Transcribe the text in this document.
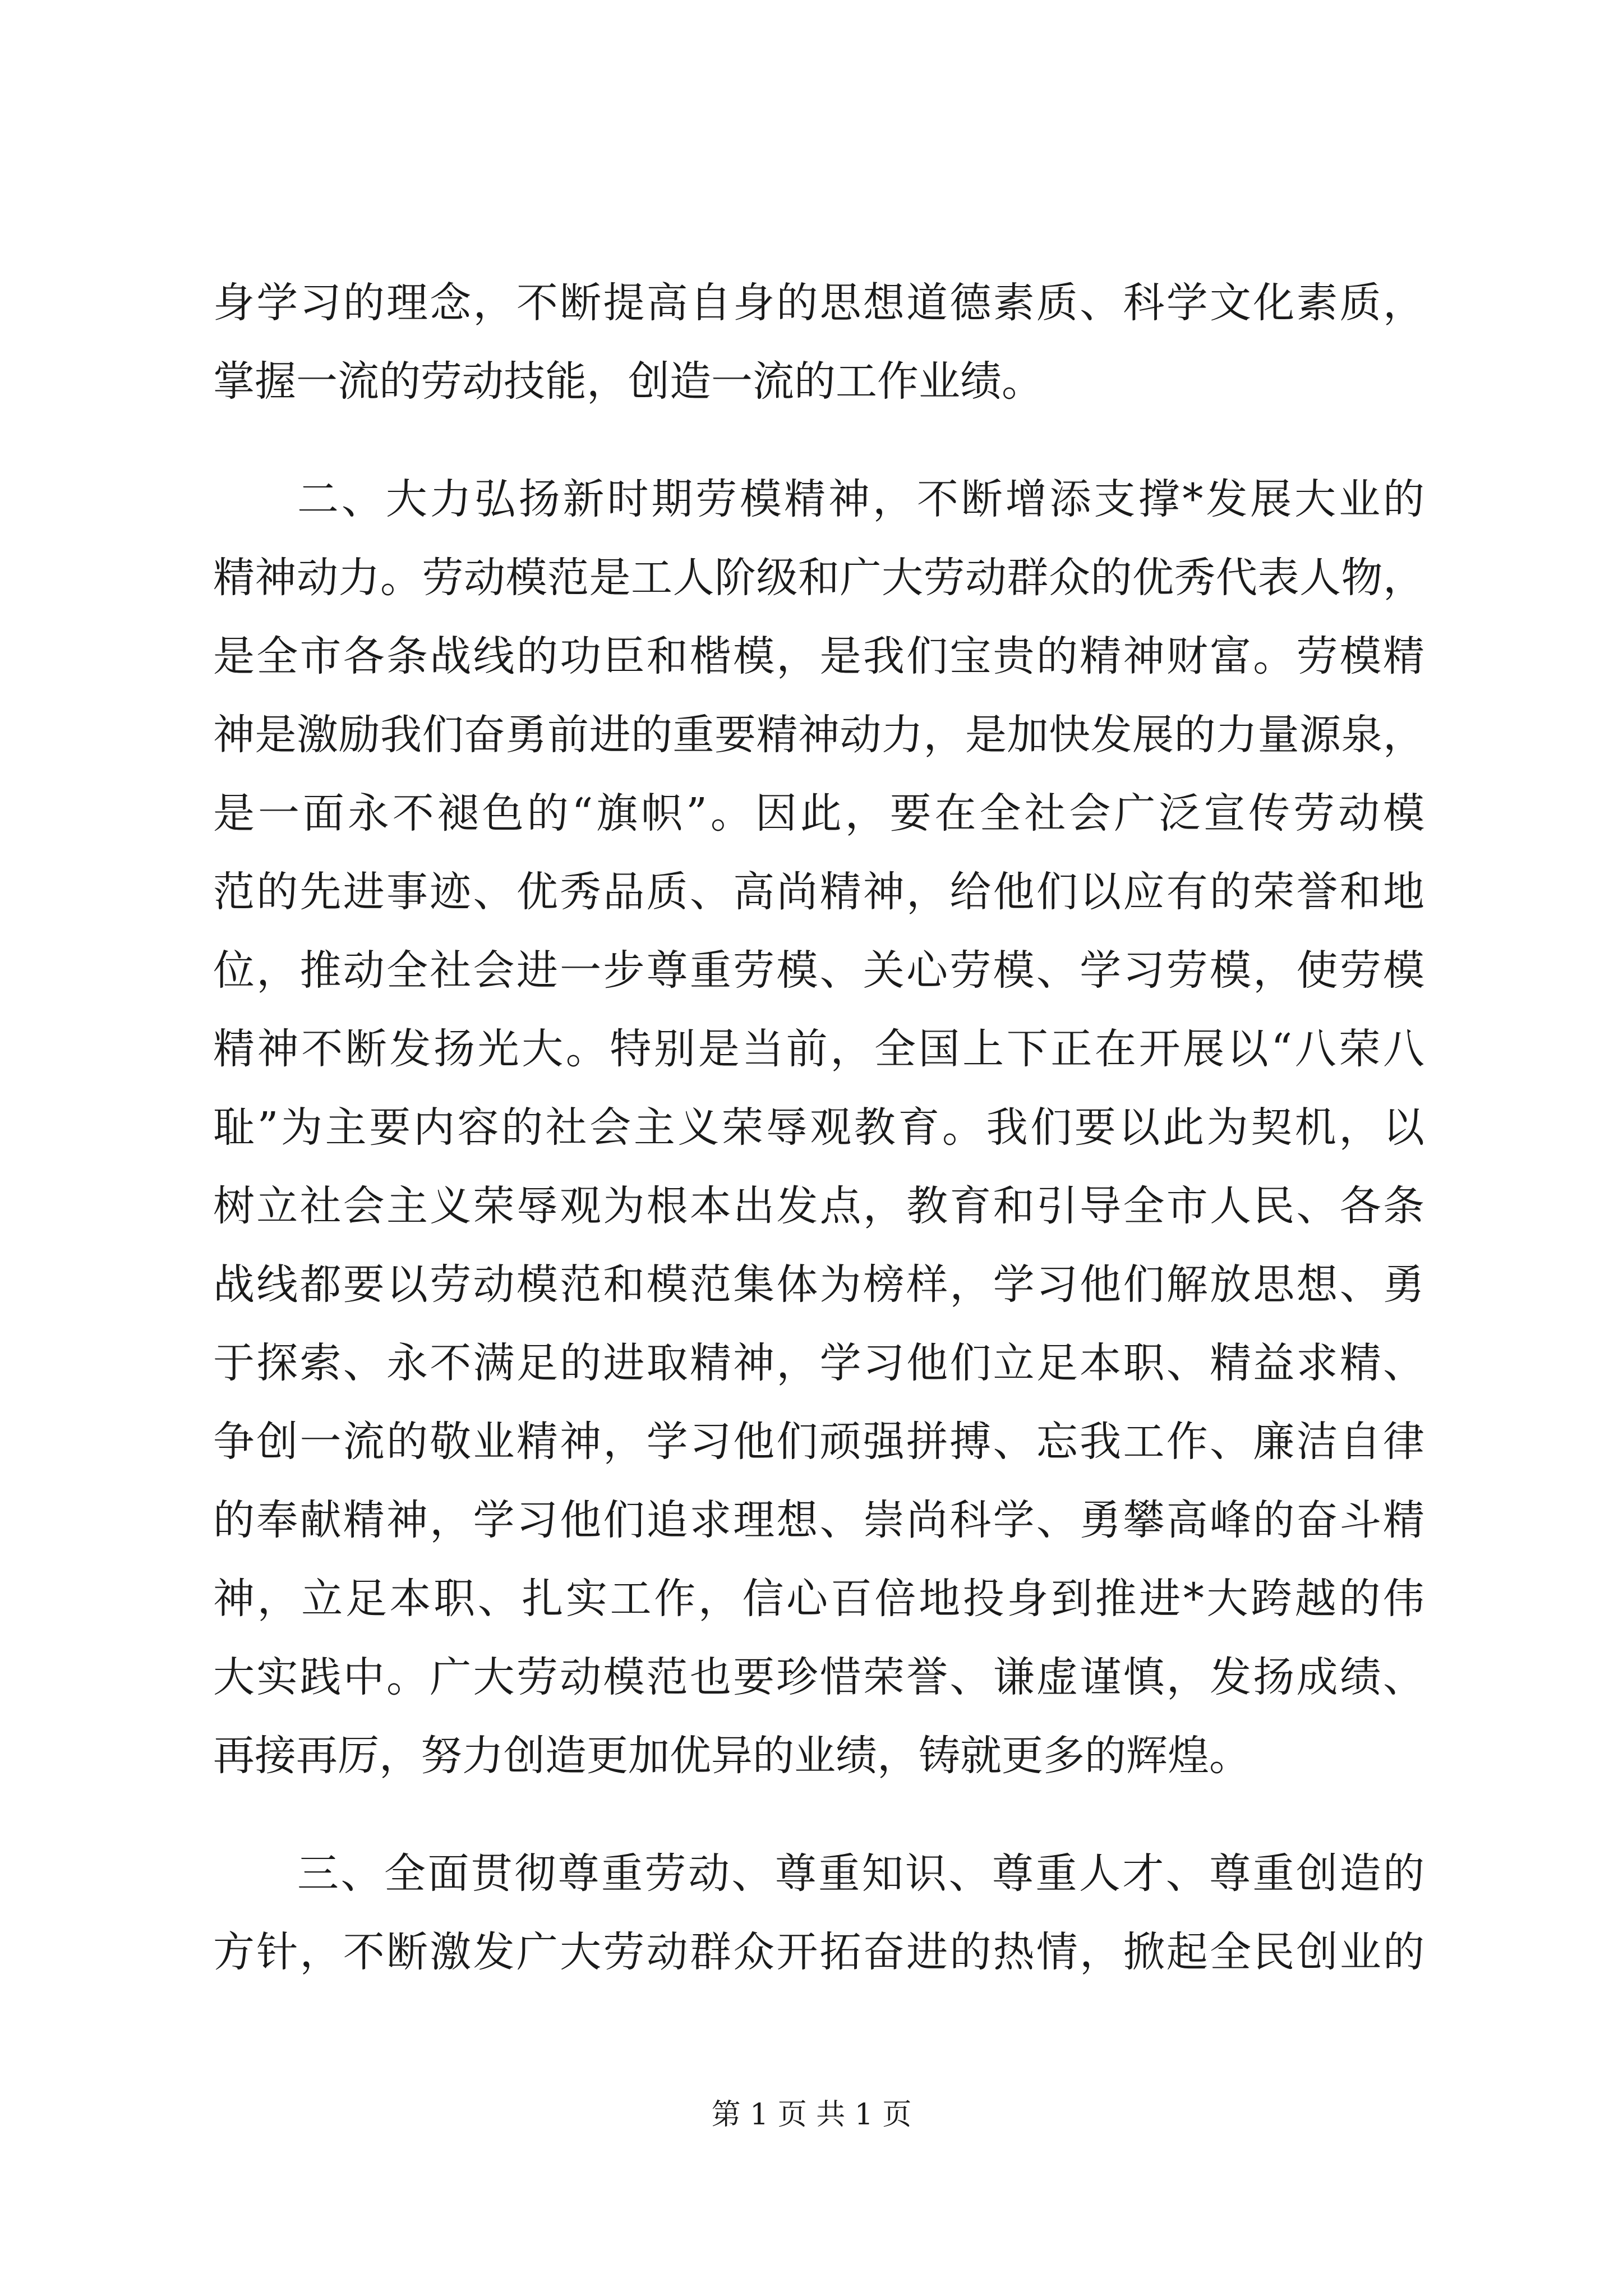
身学习的理念，不断提高自身的思想道德素质、科学文化素质，
掌握一流的劳动技能，创造一流的工作业绩。
二、大力弘扬新时期劳模精神，不断增添支撑*发展大业的
精神动力。劳动模范是工人阶级和广大劳动群众的优秀代表人物，
是全市各条战线的功臣和楷模，是我们宝贵的精神财富。劳模精
神是激励我们奋勇前进的重要精神动力，是加快发展的力量源泉，
是一面永不褪色的“旗帜”。因此，要在全社会广泛宣传劳动模
范的先进事迹、优秀品质、高尚精神，给他们以应有的荣誉和地
位，推动全社会进一步尊重劳模、关心劳模、学习劳模，使劳模
精神不断发扬光大。特别是当前，全国上下正在开展以“八荣八
耻”为主要内容的社会主义荣辱观教育。我们要以此为契机，以
树立社会主义荣辱观为根本出发点，教育和引导全市人民、各条
战线都要以劳动模范和模范集体为榜样，学习他们解放思想、勇
于探索、永不满足的进取精神，学习他们立足本职、精益求精、
争创一流的敬业精神，学习他们顽强拼搏、忘我工作、廉洁自律
的奉献精神，学习他们追求理想、崇尚科学、勇攀高峰的奋斗精
神，立足本职、扎实工作，信心百倍地投身到推进*大跨越的伟
大实践中。广大劳动模范也要珍惜荣誉、谦虚谨慎，发扬成绩、
再接再厉，努力创造更加优异的业绩，铸就更多的辉煌。
三、全面贯彻尊重劳动、尊重知识、尊重人才、尊重创造的
方针，不断激发广大劳动群众开拓奋进的热情，掀起全民创业的
第 1 页 共 1 页
